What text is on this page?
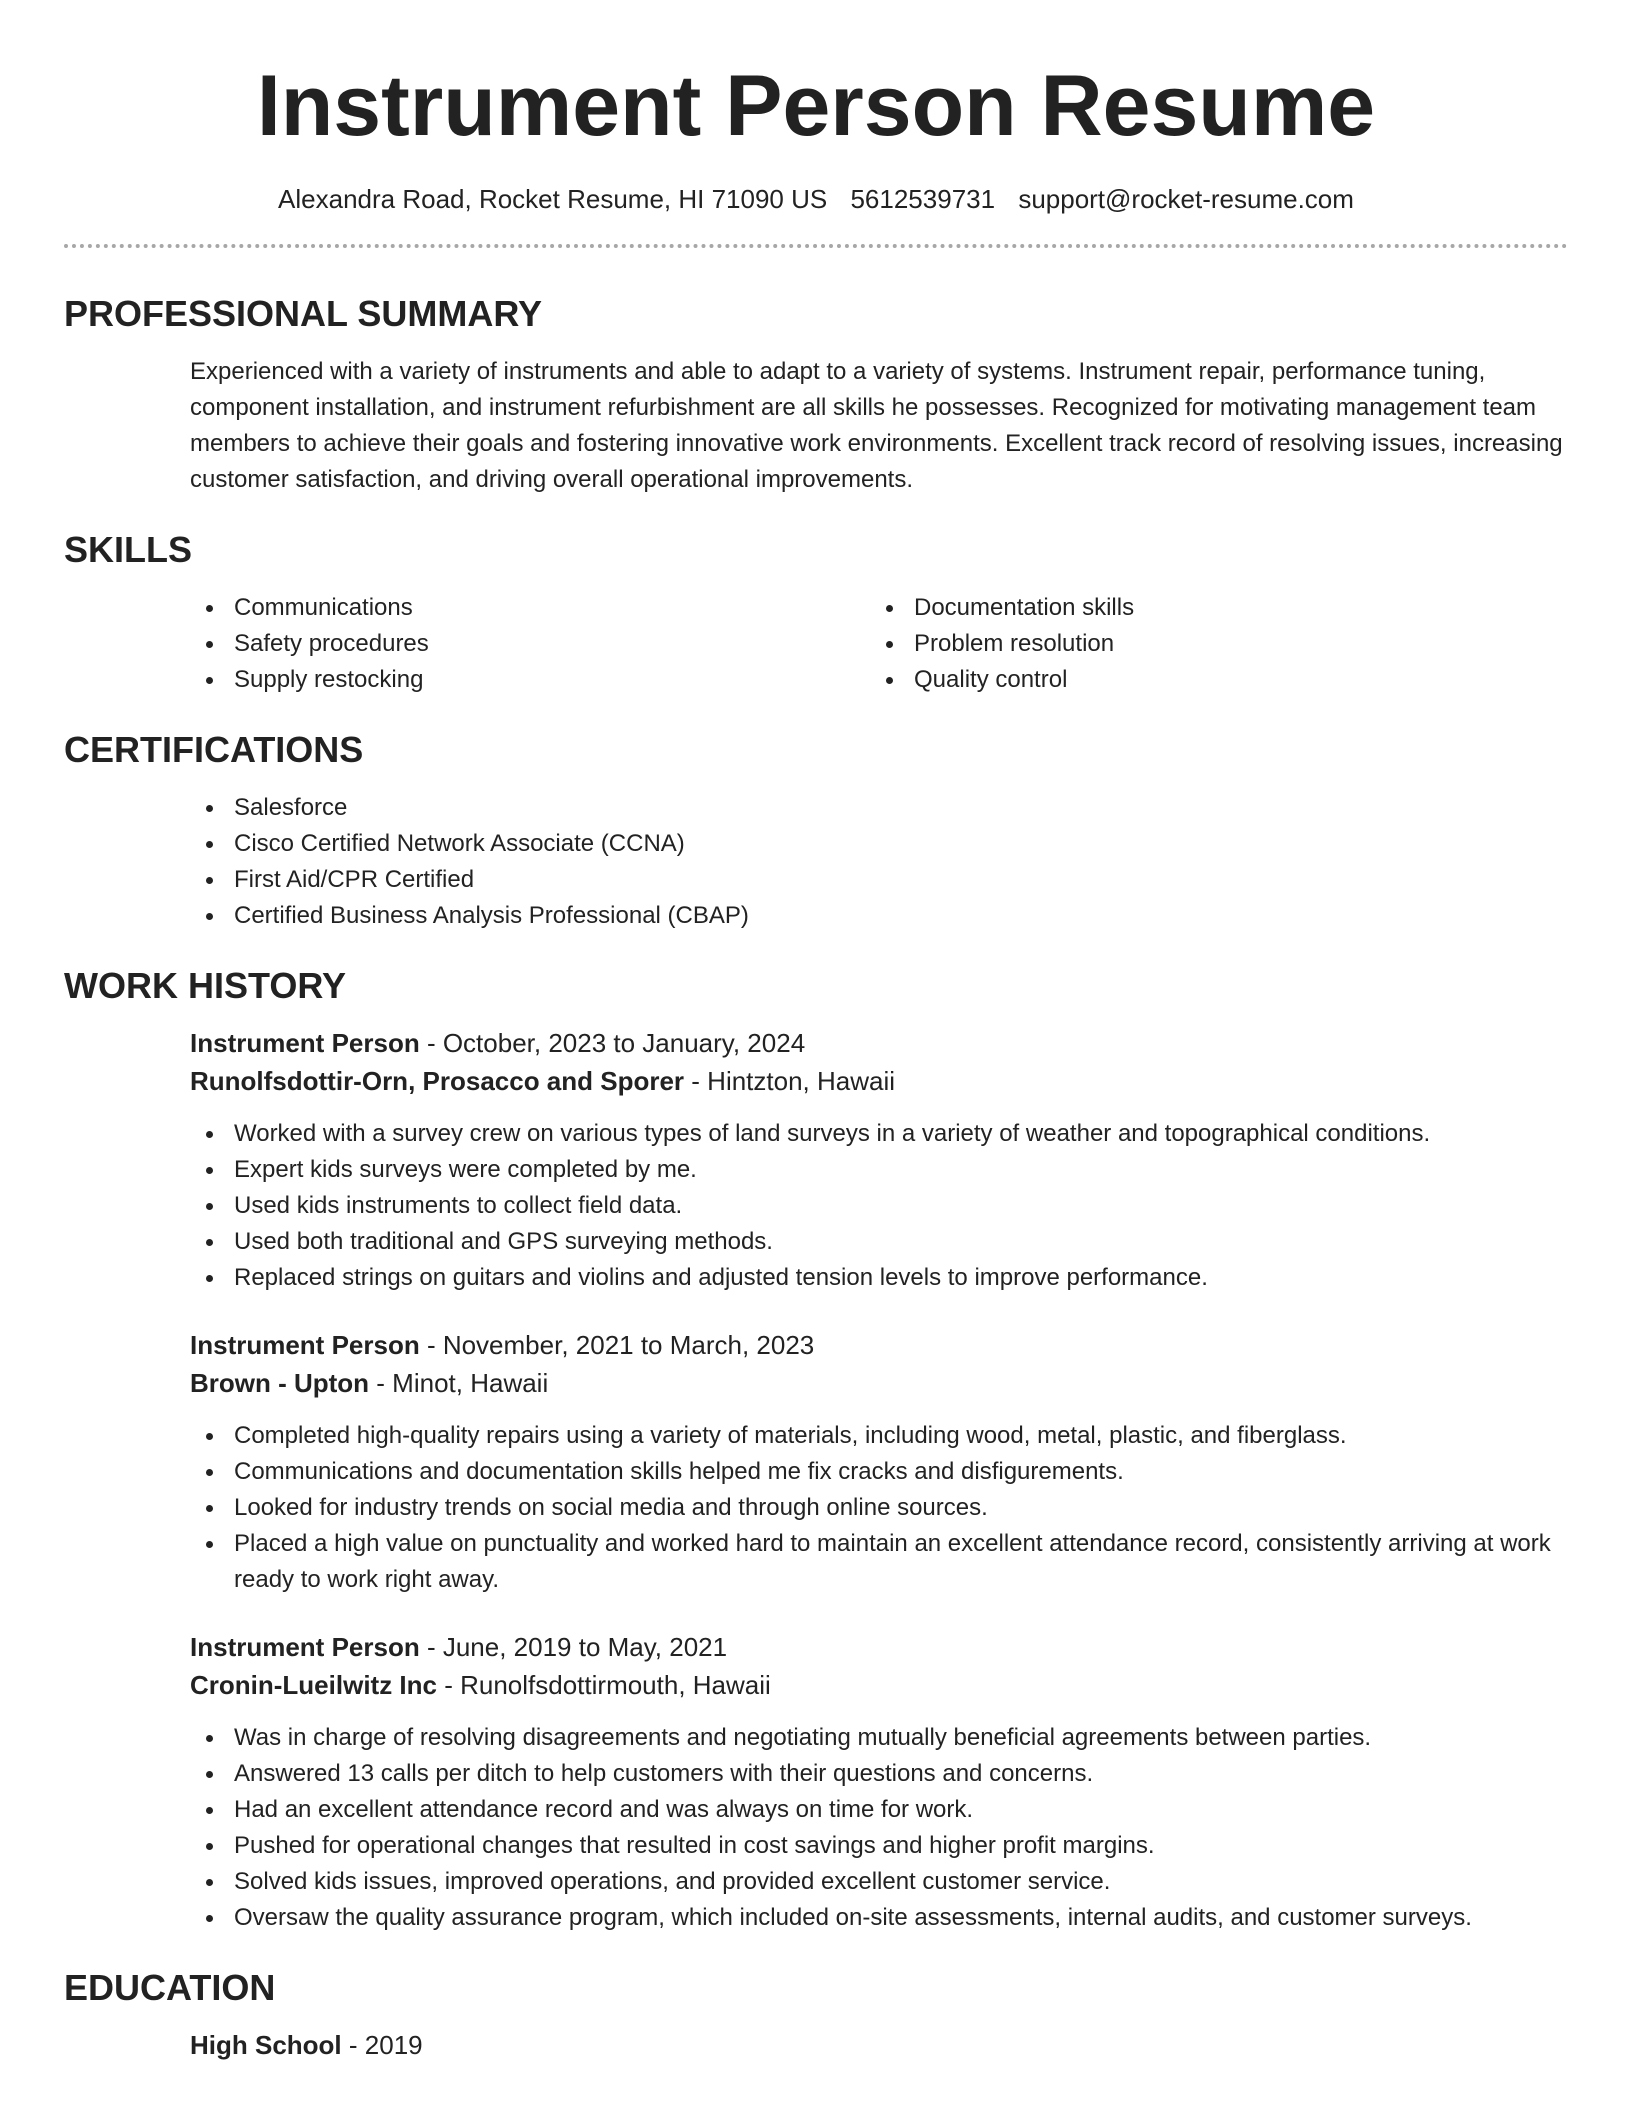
Instrument Person Resume
Alexandra Road, Rocket Resume, HI 71090 US 5612539731 support@rocket-resume.com
PROFESSIONAL SUMMARY
Experienced with a variety of instruments and able to adapt to a variety of systems. Instrument repair, performance tuning, component installation, and instrument refurbishment are all skills he possesses. Recognized for motivating management team members to achieve their goals and fostering innovative work environments. Excellent track record of resolving issues, increasing customer satisfaction, and driving overall operational improvements.
SKILLS
Communications
Safety procedures
Supply restocking
Documentation skills
Problem resolution
Quality control
CERTIFICATIONS
Salesforce
Cisco Certified Network Associate (CCNA)
First Aid/CPR Certified
Certified Business Analysis Professional (CBAP)
WORK HISTORY
Instrument Person - October, 2023 to January, 2024
Runolfsdottir-Orn, Prosacco and Sporer - Hintzton, Hawaii
Worked with a survey crew on various types of land surveys in a variety of weather and topographical conditions.
Expert kids surveys were completed by me.
Used kids instruments to collect field data.
Used both traditional and GPS surveying methods.
Replaced strings on guitars and violins and adjusted tension levels to improve performance.
Instrument Person - November, 2021 to March, 2023
Brown - Upton - Minot, Hawaii
Completed high-quality repairs using a variety of materials, including wood, metal, plastic, and fiberglass.
Communications and documentation skills helped me fix cracks and disfigurements.
Looked for industry trends on social media and through online sources.
Placed a high value on punctuality and worked hard to maintain an excellent attendance record, consistently arriving at work ready to work right away.
Instrument Person - June, 2019 to May, 2021
Cronin-Lueilwitz Inc - Runolfsdottirmouth, Hawaii
Was in charge of resolving disagreements and negotiating mutually beneficial agreements between parties.
Answered 13 calls per ditch to help customers with their questions and concerns.
Had an excellent attendance record and was always on time for work.
Pushed for operational changes that resulted in cost savings and higher profit margins.
Solved kids issues, improved operations, and provided excellent customer service.
Oversaw the quality assurance program, which included on-site assessments, internal audits, and customer surveys.
EDUCATION
High School - 2019
